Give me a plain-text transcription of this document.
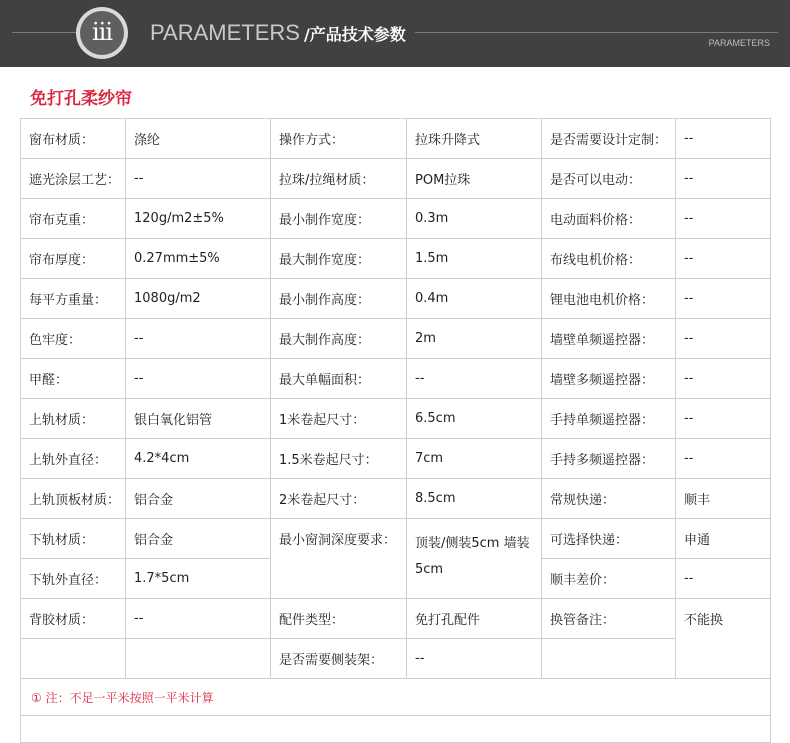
iii	PARAMETERS /产品技术参数	PARAMETERS
免打孔柔纱帘
窗布材质：	涤纶	操作方式：	拉珠升降式	是否需要设计定制：	--
遮光涂层工艺：	--	拉珠/拉绳材质：	POM拉珠	是否可以电动：	--
帘布克重：	120g/m2±5%	最小制作宽度：	0.3m	电动面料价格：	--
帘布厚度：	0.27mm±5%	最大制作宽度：	1.5m	布线电机价格：	--
每平方重量：	1080g/m2	最小制作高度：	0.4m	锂电池电机价格：	--
色牢度：	--	最大制作高度：	2m	墙壁单频遥控器：	--
甲醛：	--	最大单幅面积：	--	墙壁多频遥控器：	--
上轨材质：	银白氧化铝管	1米卷起尺寸：	6.5cm	手持单频遥控器：	--
上轨外直径：	4.2*4cm	1.5米卷起尺寸：	7cm	手持多频遥控器：	--
上轨顶板材质：	铝合金	2米卷起尺寸：	8.5cm	常规快递：	顺丰
下轨材质：	铝合金	最小窗洞深度要求：	顶装/侧装5cm 墙装5cm	可选择快递：	申通
下轨外直径：	1.7*5cm			顺丰差价：	--
背胶材质：	--	配件类型：	免打孔配件	换管备注：	不能换
		是否需要侧装架：	--		
① 注：不足一平米按照一平米计算					
